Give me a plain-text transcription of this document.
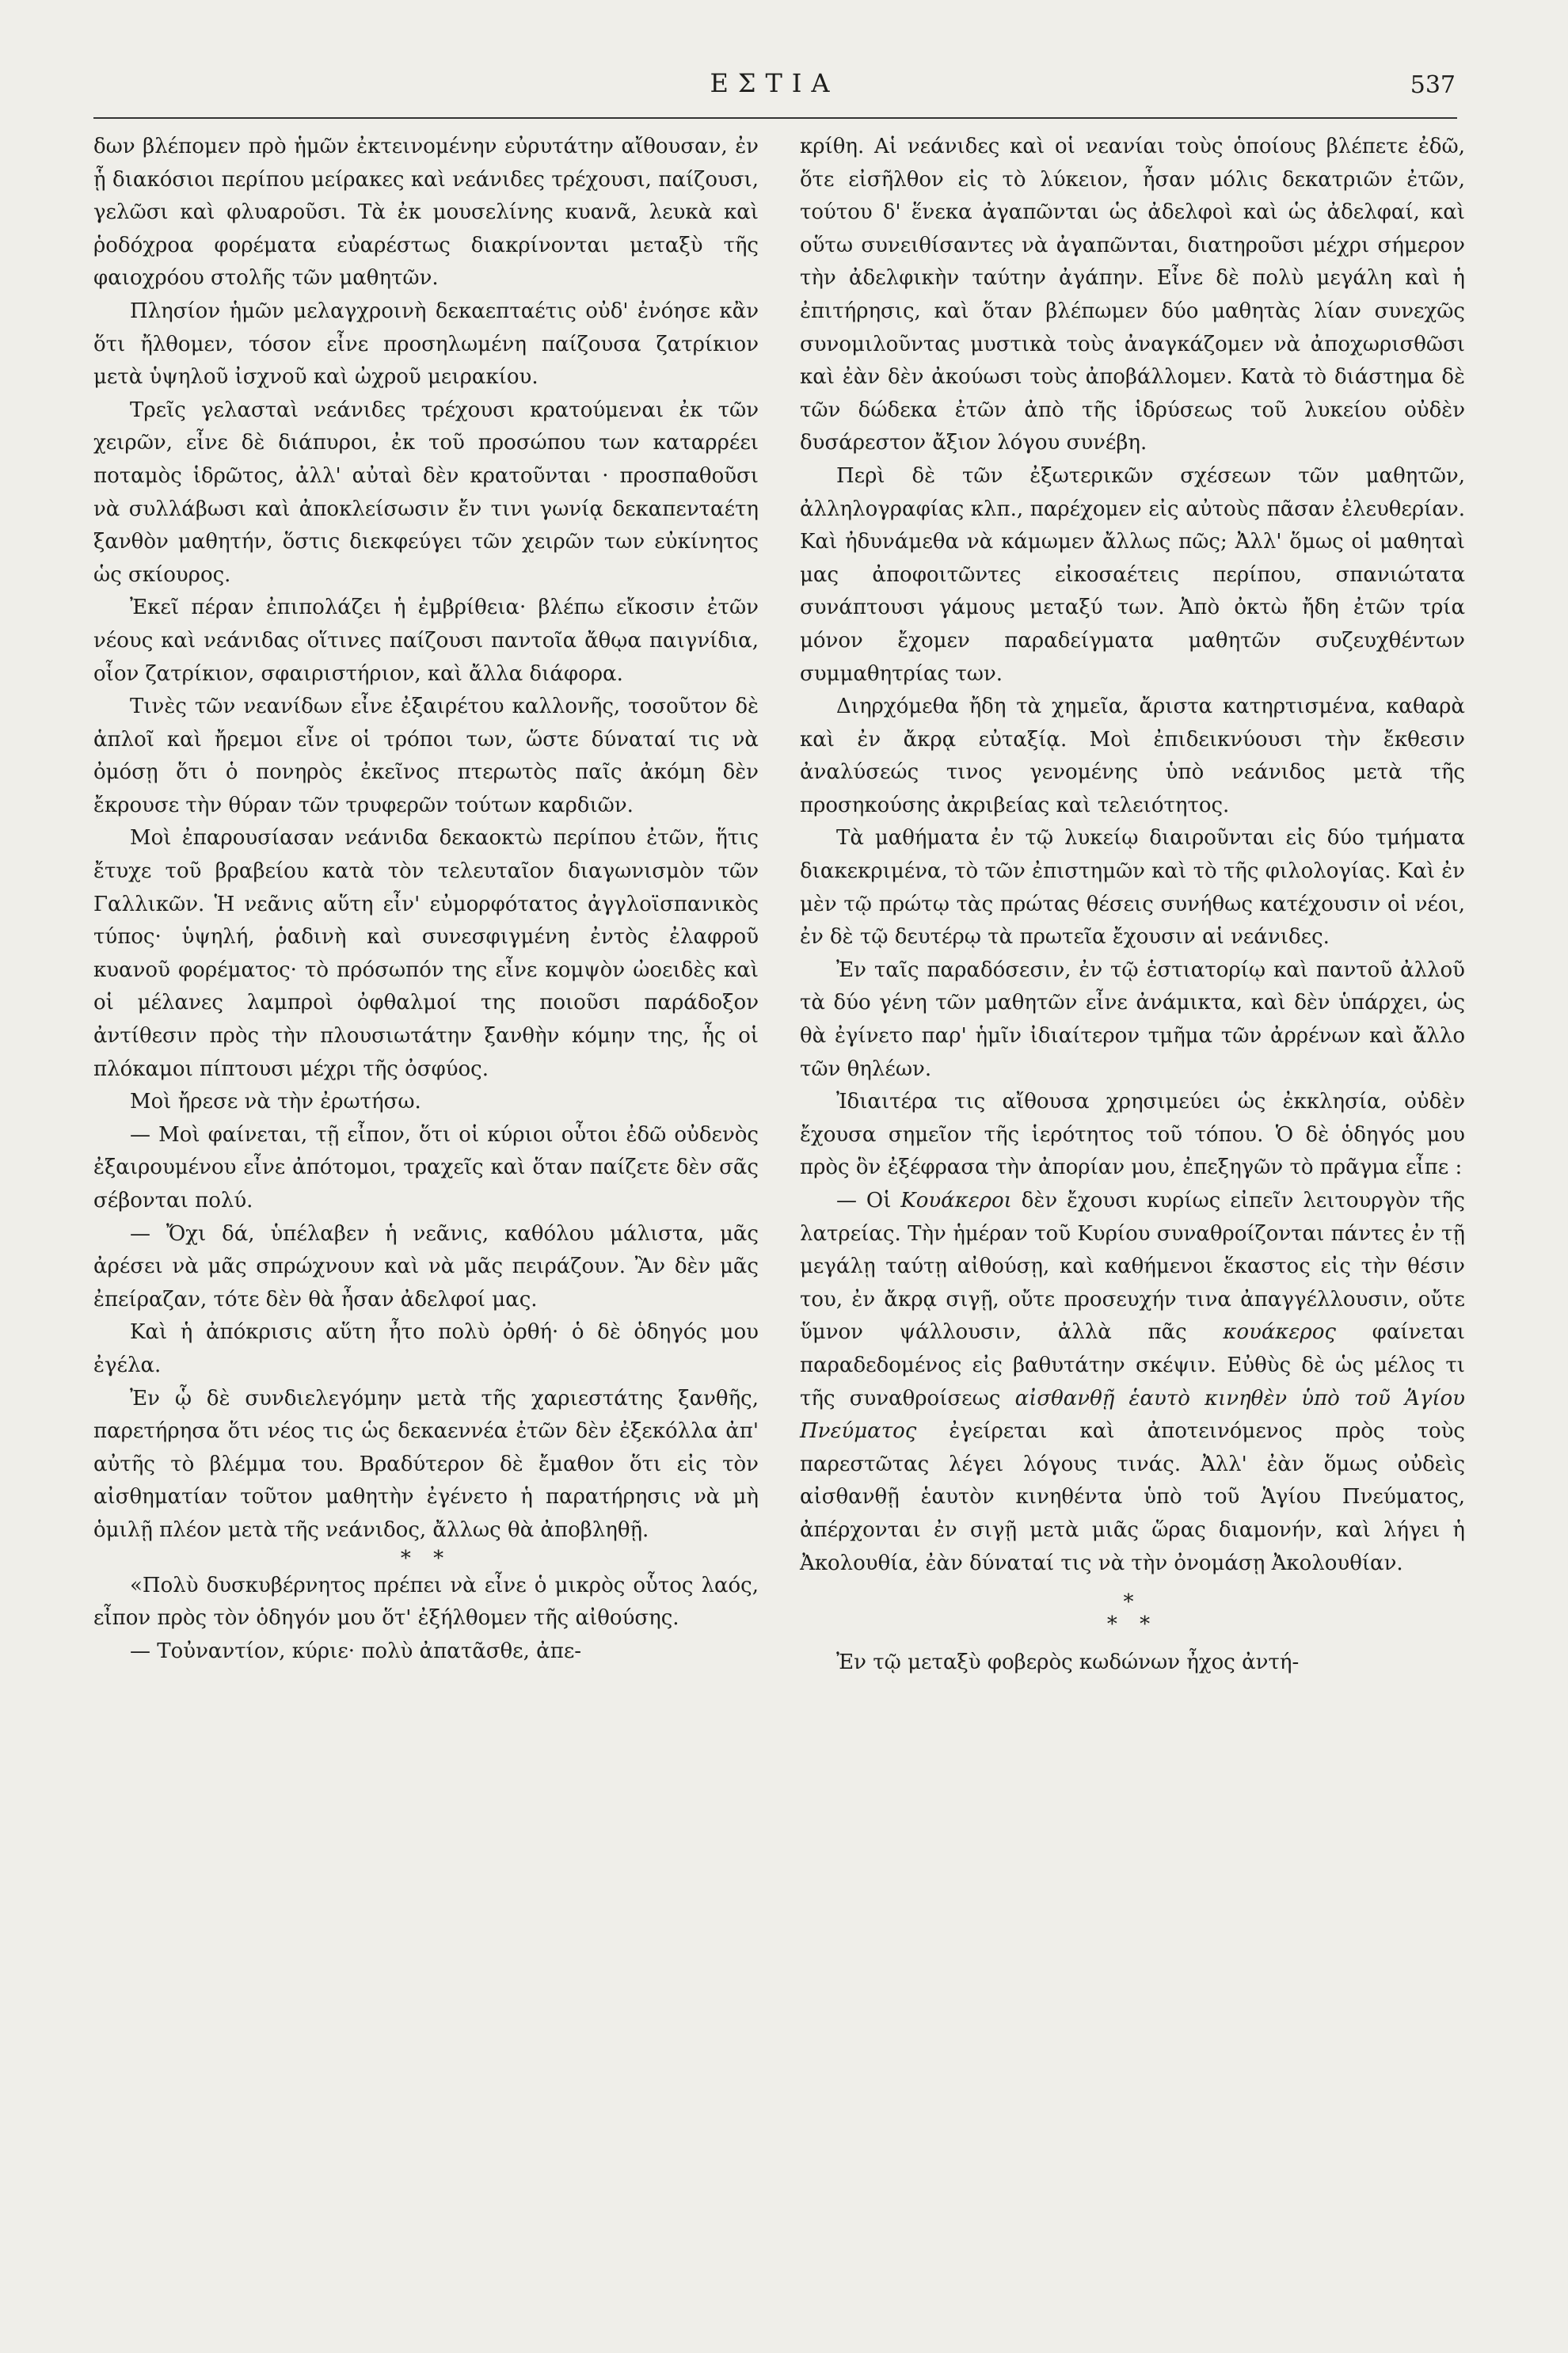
ΕΣΤΙΑ	537

δων βλέπομεν πρὸ ἡμῶν ἐκτεινομένην εὐρυτάτην αἴθουσαν, ἐν ᾗ διακόσιοι περίπου μείρακες καὶ νεάνιδες τρέχουσι, παίζουσι, γελῶσι καὶ φλυαροῦσι. Τὰ ἐκ μουσελίνης κυανᾶ, λευκὰ καὶ ῥοδόχροα φορέματα εὐαρέστως διακρίνονται μεταξὺ τῆς φαιοχρόου στολῆς τῶν μαθητῶν.

Πλησίον ἡμῶν μελαγχροινὴ δεκαεπταέτις οὐδ' ἐνόησε κἂν ὅτι ἤλθομεν, τόσον εἶνε προσηλωμένη παίζουσα ζατρίκιον μετὰ ὑψηλοῦ ἰσχνοῦ καὶ ὠχροῦ μειρακίου.

Τρεῖς γελασταὶ νεάνιδες τρέχουσι κρατούμεναι ἐκ τῶν χειρῶν, εἶνε δὲ διάπυροι, ἐκ τοῦ προσώπου των καταρρέει ποταμὸς ἱδρῶτος, ἀλλ' αὐταὶ δὲν κρατοῦνται · προσπαθοῦσι νὰ συλλάβωσι καὶ ἀποκλείσωσιν ἔν τινι γωνίᾳ δεκαπενταέτη ξανθὸν μαθητήν, ὅστις διεκφεύγει τῶν χειρῶν των εὐκίνητος ὡς σκίουρος.

Ἐκεῖ πέραν ἐπιπολάζει ἡ ἐμβρίθεια· βλέπω εἴκοσιν ἐτῶν νέους καὶ νεάνιδας οἵτινες παίζουσι παντοῖα ἄθῳα παιγνίδια, οἷον ζατρίκιον, σφαιριστήριον, καὶ ἄλλα διάφορα.

Τινὲς τῶν νεανίδων εἶνε ἐξαιρέτου καλλονῆς, τοσοῦτον δὲ ἁπλοῖ καὶ ἤρεμοι εἶνε οἱ τρόποι των, ὥστε δύναταί τις νὰ ὀμόσῃ ὅτι ὁ πονηρὸς ἐκεῖνος πτερωτὸς παῖς ἀκόμη δὲν ἔκρουσε τὴν θύραν τῶν τρυφερῶν τούτων καρδιῶν.

Μοὶ ἐπαρουσίασαν νεάνιδα δεκαοκτὼ περίπου ἐτῶν, ἥτις ἔτυχε τοῦ βραβείου κατὰ τὸν τελευταῖον διαγωνισμὸν τῶν Γαλλικῶν. Ἡ νεᾶνις αὕτη εἶν' εὐμορφότατος ἀγγλοϊσπανικὸς τύπος· ὑψηλή, ῥαδινὴ καὶ συνεσφιγμένη ἐντὸς ἐλαφροῦ κυανοῦ φορέματος· τὸ πρόσωπόν της εἶνε κομψὸν ὠοειδὲς καὶ οἱ μέλανες λαμπροὶ ὀφθαλμοί της ποιοῦσι παράδοξον ἀντίθεσιν πρὸς τὴν πλουσιωτάτην ξανθὴν κόμην της, ἧς οἱ πλόκαμοι πίπτουσι μέχρι τῆς ὀσφύος.

Μοὶ ἤρεσε νὰ τὴν ἐρωτήσω.

— Μοὶ φαίνεται, τῇ εἶπον, ὅτι οἱ κύριοι οὗτοι ἐδῶ οὐδενὸς ἐξαιρουμένου εἶνε ἀπότομοι, τραχεῖς καὶ ὅταν παίζετε δὲν σᾶς σέβονται πολύ.

— Ὄχι δά, ὑπέλαβεν ἡ νεᾶνις, καθόλου μάλιστα, μᾶς ἀρέσει νὰ μᾶς σπρώχνουν καὶ νὰ μᾶς πειράζουν. Ἂν δὲν μᾶς ἐπείραζαν, τότε δὲν θὰ ἦσαν ἀδελφοί μας.

Καὶ ἡ ἀπόκρισις αὕτη ἦτο πολὺ ὀρθή· ὁ δὲ ὁδηγός μου ἐγέλα.

Ἐν ᾧ δὲ συνδιελεγόμην μετὰ τῆς χαριεστάτης ξανθῆς, παρετήρησα ὅτι νέος τις ὡς δεκαεννέα ἐτῶν δὲν ἐξεκόλλα ἀπ' αὐτῆς τὸ βλέμμα του. Βραδύτερον δὲ ἔμαθον ὅτι εἰς τὸν αἰσθηματίαν τοῦτον μαθητὴν ἐγένετο ἡ παρατήρησις νὰ μὴ ὁμιλῇ πλέον μετὰ τῆς νεάνιδος, ἄλλως θὰ ἀποβληθῇ.

* *

«Πολὺ δυσκυβέρνητος πρέπει νὰ εἶνε ὁ μικρὸς οὗτος λαός, εἶπον πρὸς τὸν ὁδηγόν μου ὅτ' ἐξήλθομεν τῆς αἰθούσης.

— Τοὐναντίον, κύριε· πολὺ ἀπατᾶσθε, ἀπε-

κρίθη. Αἱ νεάνιδες καὶ οἱ νεανίαι τοὺς ὁποίους βλέπετε ἐδῶ, ὅτε εἰσῆλθον εἰς τὸ λύκειον, ἦσαν μόλις δεκατριῶν ἐτῶν, τούτου δ' ἕνεκα ἀγαπῶνται ὡς ἀδελφοὶ καὶ ὡς ἀδελφαί, καὶ οὕτω συνειθίσαντες νὰ ἀγαπῶνται, διατηροῦσι μέχρι σήμερον τὴν ἀδελφικὴν ταύτην ἀγάπην. Εἶνε δὲ πολὺ μεγάλη καὶ ἡ ἐπιτήρησις, καὶ ὅταν βλέπωμεν δύο μαθητὰς λίαν συνεχῶς συνομιλοῦντας μυστικὰ τοὺς ἀναγκάζομεν νὰ ἀποχωρισθῶσι καὶ ἐὰν δὲν ἀκούωσι τοὺς ἀποβάλλομεν. Κατὰ τὸ διάστημα δὲ τῶν δώδεκα ἐτῶν ἀπὸ τῆς ἱδρύσεως τοῦ λυκείου οὐδὲν δυσάρεστον ἄξιον λόγου συνέβη.

Περὶ δὲ τῶν ἐξωτερικῶν σχέσεων τῶν μαθητῶν, ἀλληλογραφίας κλπ., παρέχομεν εἰς αὐτοὺς πᾶσαν ἐλευθερίαν. Καὶ ἠδυνάμεθα νὰ κάμωμεν ἄλλως πῶς; Ἀλλ' ὅμως οἱ μαθηταὶ μας ἀποφοιτῶντες εἰκοσαέτεις περίπου, σπανιώτατα συνάπτουσι γάμους μεταξύ των. Ἀπὸ ὀκτὼ ἤδη ἐτῶν τρία μόνον ἔχομεν παραδείγματα μαθητῶν συζευχθέντων συμμαθητρίας των.

Διηρχόμεθα ἤδη τὰ χημεῖα, ἄριστα κατηρτισμένα, καθαρὰ καὶ ἐν ἄκρᾳ εὐταξίᾳ. Μοὶ ἐπιδεικνύουσι τὴν ἔκθεσιν ἀναλύσεώς τινος γενομένης ὑπὸ νεάνιδος μετὰ τῆς προσηκούσης ἀκριβείας καὶ τελειότητος.

Τὰ μαθήματα ἐν τῷ λυκείῳ διαιροῦνται εἰς δύο τμήματα διακεκριμένα, τὸ τῶν ἐπιστημῶν καὶ τὸ τῆς φιλολογίας. Καὶ ἐν μὲν τῷ πρώτῳ τὰς πρώτας θέσεις συνήθως κατέχουσιν οἱ νέοι, ἐν δὲ τῷ δευτέρῳ τὰ πρωτεῖα ἔχουσιν αἱ νεάνιδες.

Ἐν ταῖς παραδόσεσιν, ἐν τῷ ἑστιατορίῳ καὶ παντοῦ ἀλλοῦ τὰ δύο γένη τῶν μαθητῶν εἶνε ἀνάμικτα, καὶ δὲν ὑπάρχει, ὡς θὰ ἐγίνετο παρ' ἡμῖν ἰδιαίτερον τμῆμα τῶν ἀρρένων καὶ ἄλλο τῶν θηλέων.

Ἰδιαιτέρα τις αἴθουσα χρησιμεύει ὡς ἐκκλησία, οὐδὲν ἔχουσα σημεῖον τῆς ἱερότητος τοῦ τόπου. Ὁ δὲ ὁδηγός μου πρὸς ὃν ἐξέφρασα τὴν ἀπορίαν μου, ἐπεξηγῶν τὸ πρᾶγμα εἶπε :

— Οἱ Κουάκεροι δὲν ἔχουσι κυρίως εἰπεῖν λειτουργὸν τῆς λατρείας. Τὴν ἡμέραν τοῦ Κυρίου συναθροίζονται πάντες ἐν τῇ μεγάλῃ ταύτῃ αἰθούσῃ, καὶ καθήμενοι ἕκαστος εἰς τὴν θέσιν του, ἐν ἄκρᾳ σιγῇ, οὔτε προσευχήν τινα ἀπαγγέλλουσιν, οὔτε ὕμνον ψάλλουσιν, ἀλλὰ πᾶς κουάκερος φαίνεται παραδεδομένος εἰς βαθυτάτην σκέψιν. Εὐθὺς δὲ ὡς μέλος τι τῆς συναθροίσεως αἰσθανθῇ ἑαυτὸ κινηθὲν ὑπὸ τοῦ Ἁγίου Πνεύματος ἐγείρεται καὶ ἀποτεινόμενος πρὸς τοὺς παρεστῶτας λέγει λόγους τινάς. Ἀλλ' ἐὰν ὅμως οὐδεὶς αἰσθανθῇ ἑαυτὸν κινηθέντα ὑπὸ τοῦ Ἁγίου Πνεύματος, ἀπέρχονται ἐν σιγῇ μετὰ μιᾶς ὥρας διαμονήν, καὶ λήγει ἡ Ἀκολουθία, ἐὰν δύναταί τις νὰ τὴν ὀνομάσῃ Ἀκολουθίαν.

*
* *

Ἐν τῷ μεταξὺ φοβερὸς κωδώνων ἦχος ἀντή-
